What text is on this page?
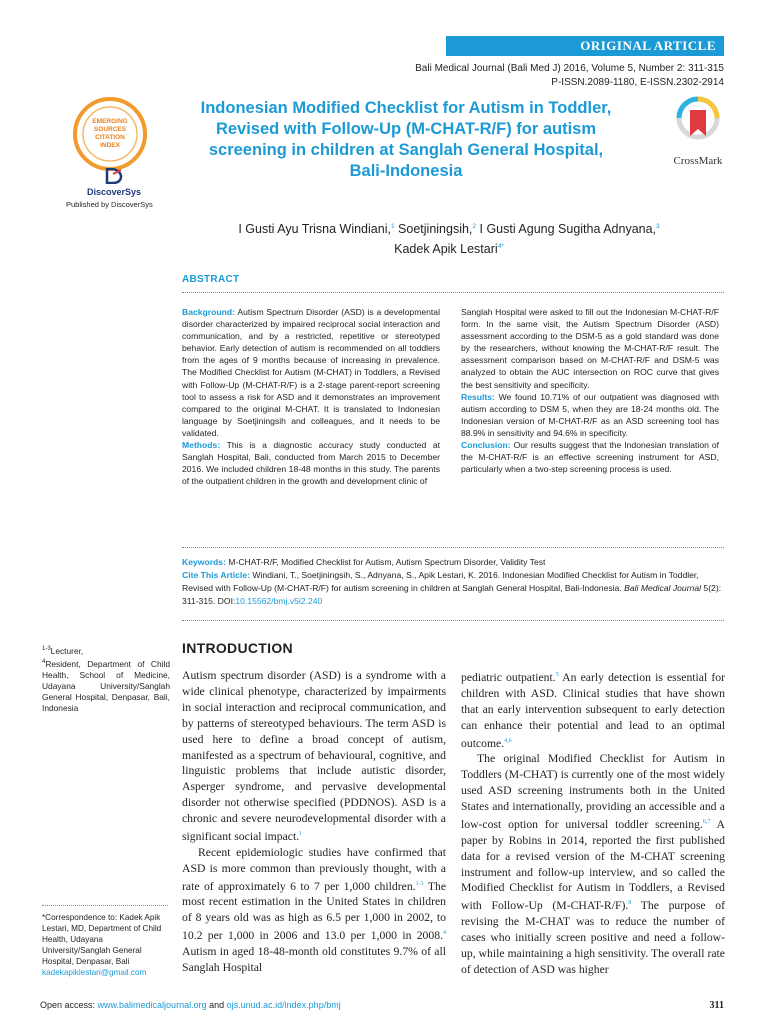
ORIGINAL ARTICLE
Bali Medical Journal (Bali Med J) 2016, Volume 5, Number 2: 311-315
P-ISSN.2089-1180, E-ISSN.2302-2914
EMERGING
SOURCES
CITATION
INDEX
DiscoverSys
Published by DiscoverSys
Indonesian Modified Checklist for Autism in Toddler,
Revised with Follow-Up (M-CHAT-R/F) for autism
screening in children at Sanglah General Hospital,
Bali-Indonesia
CrossMark
I Gusti Ayu Trisna Windiani,$^1$ Soetjiningsih,$^2$ I Gusti Agung Sugitha Adnyana,$^3$
Kadek Apik Lestari$^{4*}$
ABSTRACT
Background: Autism Spectrum Disorder (ASD) is a developmental disorder characterized by impaired reciprocal social interaction and communication, and by a restricted, repetitive or stereotyped behavior. Early detection of autism is recommended on all toddlers from the ages of 9 months because of increasing in prevalence. The Modified Checklist for Autism (M-CHAT) in Toddlers, a Revised with Follow-Up (M-CHAT-R/F) is a 2-stage parent-report screening tool to assess a risk for ASD and it demonstrates an improvement compared to the original M-CHAT. It is translated to Indonesian language by Soetjiningsih and colleagues, and it needs to be validated.
Methods: This is a diagnostic accuracy study conducted at Sanglah Hospital, Bali, conducted from March 2015 to December 2016. We included children 18-48 months in this study. The parents of the outpatient children in the growth and development clinic of
Sanglah Hospital were asked to fill out the Indonesian M-CHAT-R/F form. In the same visit, the Autism Spectrum Disorder (ASD) assessment according to the DSM-5 as a gold standard was done by the researchers, without knowing the M-CHAT-R/F result. The assessment comparison based on M-CHAT-R/F and DSM-5 was analyzed to obtain the AUC intersection on ROC curve that gives the best sensitivity and specificity.
Results: We found 10.71% of our outpatient was diagnosed with autism according to DSM 5, when they are 18-24 months old. The Indonesian version of M-CHAT-R/F as an ASD screening tool has 88.9% in sensitivity and 94.6% in specificity.
Conclusion: Our results suggest that the Indonesian translation of the M-CHAT-R/F is an effective screening instrument for ASD, particularly when a two-step screening process is used.
Keywords: M-CHAT-R/F, Modified Checklist for Autism, Autism Spectrum Disorder, Validity Test
Cite This Article: Windiani, T., Soetjiningsih, S., Adnyana, S., Apik Lestari, K. 2016. Indonesian Modified Checklist for Autism in Toddler, Revised with Follow-Up (M-CHAT-R/F) for autism screening in children at Sanglah General Hospital, Bali-Indonesia. Bali Medical Journal 5(2): 311-315. DOI:10.15562/bmj.v5i2.240
$^{1-3}$Lecturer,
$^4$Resident, Department of Child Health, School of Medicine, Udayana University/Sanglah General Hospital, Denpasar, Bali, Indonesia
*Correspondence to: Kadek Apik Lestari, MD, Department of Child Health, Udayana University/Sanglah General Hospital, Denpasar, Bali
kadekapiklestari@gmail.com
INTRODUCTION

Autism spectrum disorder (ASD) is a syndrome with a wide clinical phenotype, characterized by impairments in social interaction and reciprocal communication, and by patterns of stereotyped behaviours. The term ASD is used here to define a broad concept of autism, manifested as a spectrum of behavioural, cognitive, and linguistic problems that include autistic disorder, Asperger syndrome, and pervasive developmental disorder not otherwise specified (PDDNOS). ASD is a chronic and severe neurodevelopmental disorder with a significant social impact.$^1$

Recent epidemiologic studies have confirmed that ASD is more common than previously thought, with a rate of approximately 6 to 7 per 1,000 children.$^{1-3}$ The most recent estimation in the United States in children of 8 years old was as high as 6.5 per 1,000 in 2002, to 10.2 per 1,000 in 2006 and 13.0 per 1,000 in 2008.$^4$ Autism in aged 18-48-month old constitutes 9.7% of all Sanglah Hospital

pediatric outpatient.$^5$ An early detection is essential for children with ASD. Clinical studies that have shown that an early intervention subsequent to early detection can enhance their potential and lead to an optimal outcome.$^{4,6}$

The original Modified Checklist for Autism in Toddlers (M-CHAT) is currently one of the most widely used ASD screening instruments both in the United States and internationally, providing an accessible and a low-cost option for universal toddler screening.$^{6,7}$ A paper by Robins in 2014, reported the first published data for a revised version of the M-CHAT screening instrument and follow-up interview, and so called the Modified Checklist for Autism in Toddlers, a Revised with Follow-Up (M-CHAT-R/F).$^8$ The purpose of revising the M-CHAT was to reduce the number of cases who initially screen positive and need a follow-up, while maintaining a high sensitivity. The overall rate of detection of ASD was higher

Open access: www.balimedicaljournal.org and ojs.unud.ac.id/index.php/bmj	311
